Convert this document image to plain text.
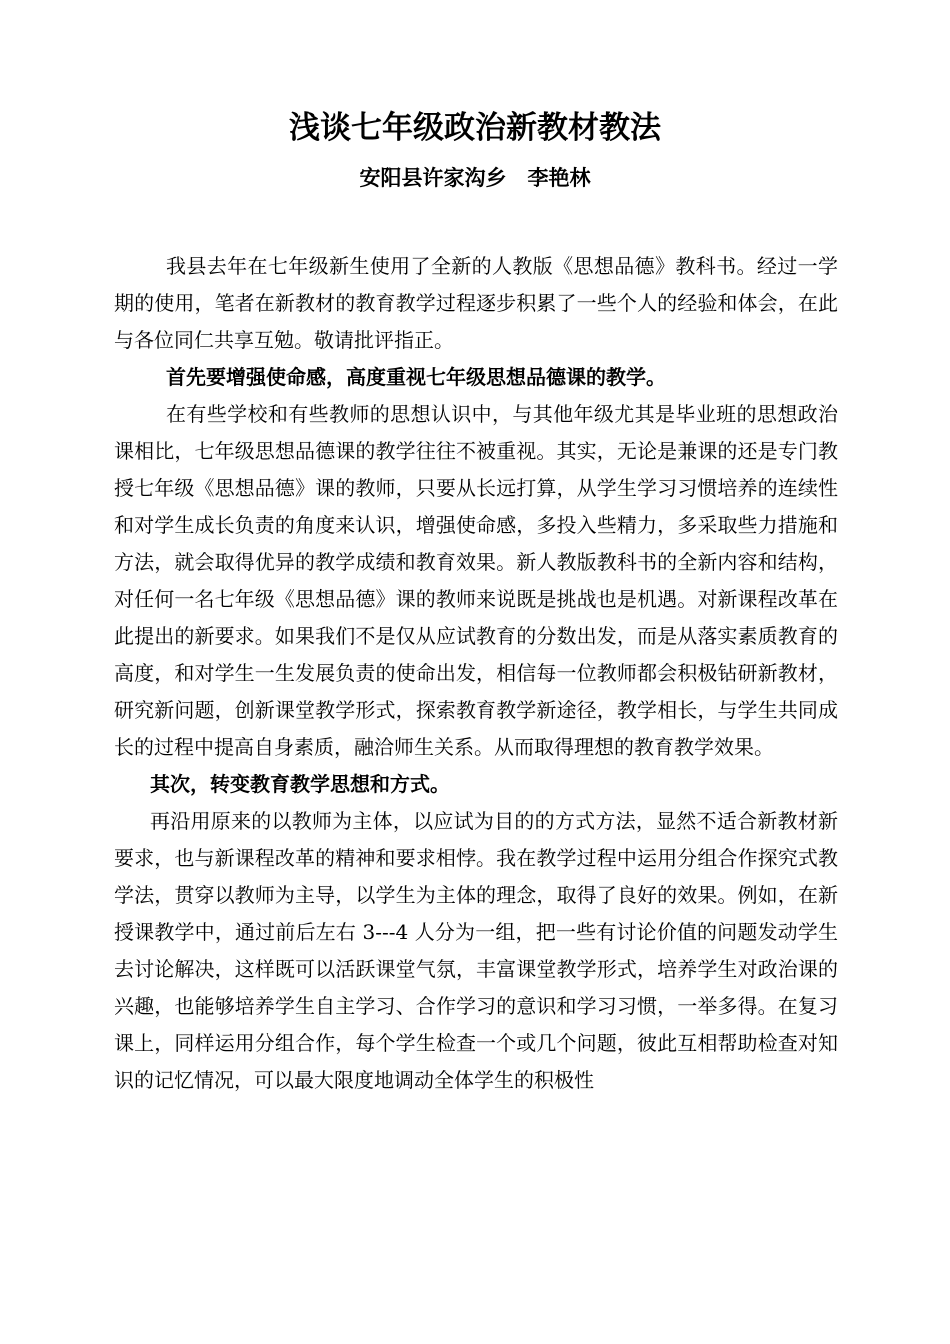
浅谈七年级政治新教材教法
安阳县许家沟乡　李艳林

我县去年在七年级新生使用了全新的人教版《思想品德》教科书。经过一学期的使用，笔者在新教材的教育教学过程逐步积累了一些个人的经验和体会，在此与各位同仁共享互勉。敬请批评指正。

首先要增强使命感，高度重视七年级思想品德课的教学。

在有些学校和有些教师的思想认识中，与其他年级尤其是毕业班的思想政治课相比，七年级思想品德课的教学往往不被重视。其实，无论是兼课的还是专门教授七年级《思想品德》课的教师，只要从长远打算，从学生学习习惯培养的连续性和对学生成长负责的角度来认识，增强使命感，多投入些精力，多采取些力措施和方法，就会取得优异的教学成绩和教育效果。新人教版教科书的全新内容和结构，对任何一名七年级《思想品德》课的教师来说既是挑战也是机遇。对新课程改革在此提出的新要求。如果我们不是仅从应试教育的分数出发，而是从落实素质教育的高度，和对学生一生发展负责的使命出发，相信每一位教师都会积极钻研新教材，研究新问题，创新课堂教学形式，探索教育教学新途径，教学相长，与学生共同成长的过程中提高自身素质，融洽师生关系。从而取得理想的教育教学效果。

其次，转变教育教学思想和方式。

再沿用原来的以教师为主体，以应试为目的的方式方法，显然不适合新教材新要求，也与新课程改革的精神和要求相悖。我在教学过程中运用分组合作探究式教学法，贯穿以教师为主导，以学生为主体的理念，取得了良好的效果。例如，在新授课教学中，通过前后左右 3---4 人分为一组，把一些有讨论价值的问题发动学生去讨论解决，这样既可以活跃课堂气氛，丰富课堂教学形式，培养学生对政治课的兴趣，也能够培养学生自主学习、合作学习的意识和学习习惯，一举多得。在复习课上，同样运用分组合作，每个学生检查一个或几个问题，彼此互相帮助检查对知识的记忆情况，可以最大限度地调动全体学生的积极性
